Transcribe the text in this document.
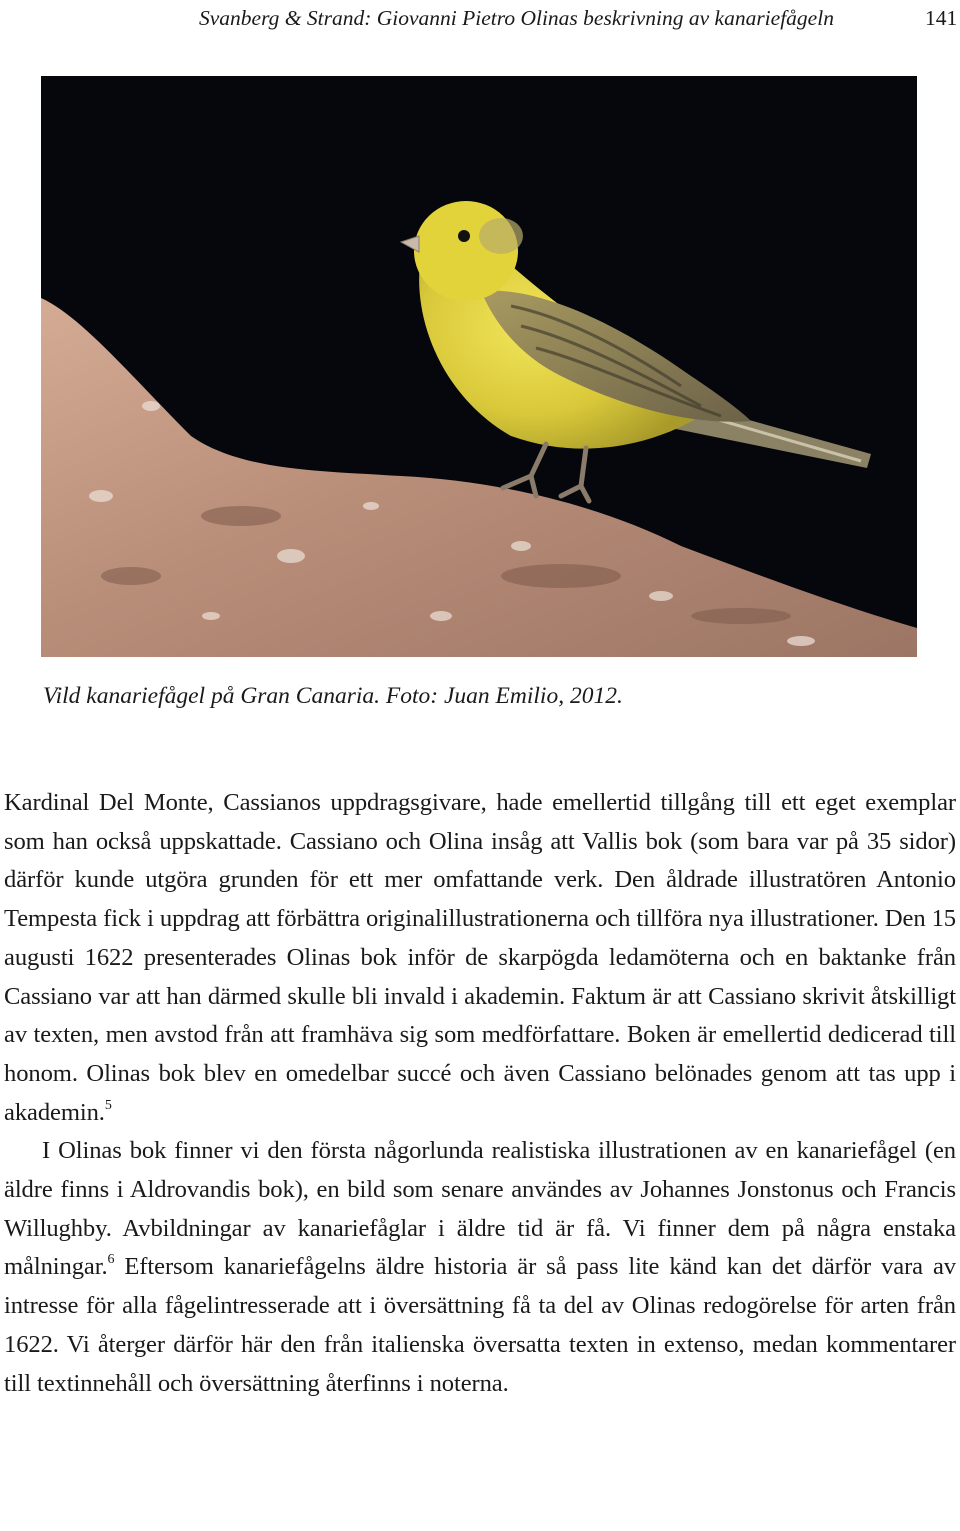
Svanberg & Strand: Giovanni Pietro Olinas beskrivning av kanariefågeln	141
Vild kanariefågel på Gran Canaria. Foto: Juan Emilio, 2012.

Kardinal Del Monte, Cassianos uppdragsgivare, hade emellertid tillgång till ett eget exemplar som han också uppskattade. Cassiano och Olina insåg att Vallis bok (som bara var på 35 sidor) därför kunde utgöra grunden för ett mer omfattande verk. Den åldrade illustratören Antonio Tempesta fick i uppdrag att förbättra originalillustrationerna och tillföra nya illustrationer. Den 15 augusti 1622 presenterades Olinas bok inför de skarpögda ledamöterna och en baktanke från Cassiano var att han därmed skulle bli invald i akademin. Faktum är att Cassiano skrivit åtskilligt av texten, men avstod från att framhäva sig som medförfattare. Boken är emellertid dedicerad till honom. Olinas bok blev en omedelbar succé och även Cassiano belönades genom att tas upp i akademin.$^5$

I Olinas bok finner vi den första någorlunda realistiska illustrationen av en kanariefågel (en äldre finns i Aldrovandis bok), en bild som senare användes av Johannes Jonstonus och Francis Willughby. Avbildningar av kanariefåglar i äldre tid är få. Vi finner dem på några enstaka målningar.$^6$ Eftersom kanariefågelns äldre historia är så pass lite känd kan det därför vara av intresse för alla fågelintresserade att i översättning få ta del av Olinas redogörelse för arten från 1622. Vi återger därför här den från italienska översatta texten in extenso, medan kommentarer till textinnehåll och översättning återfinns i noterna.
